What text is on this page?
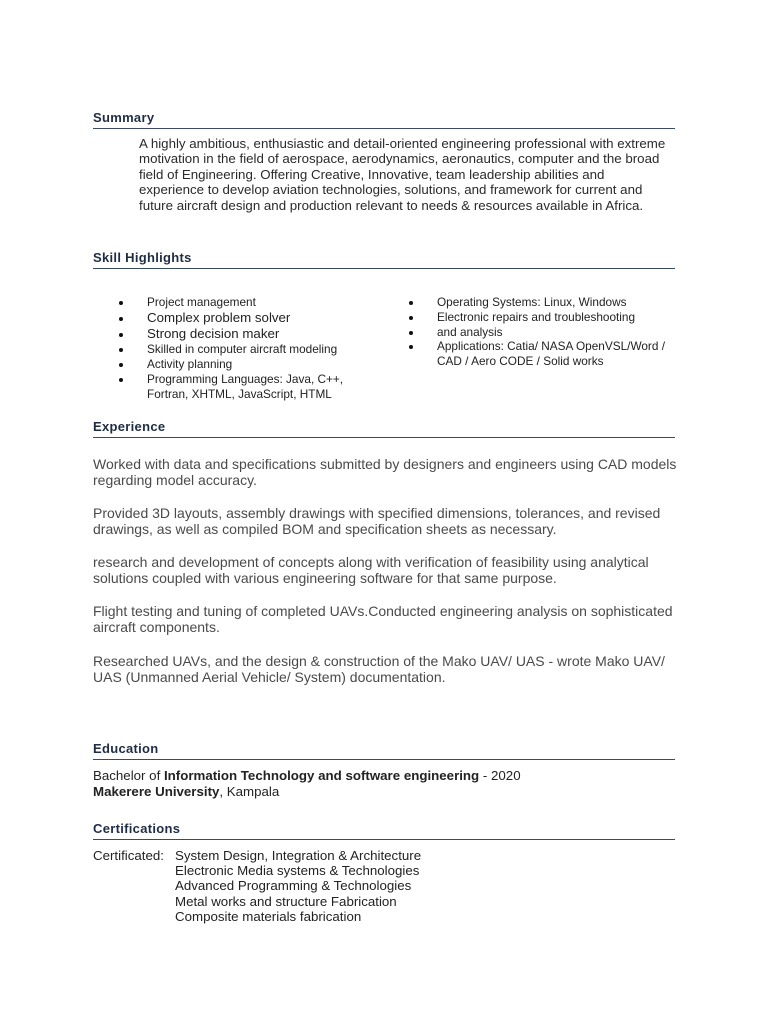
Summary
A highly ambitious, enthusiastic and detail-oriented engineering professional with extreme motivation in the field of aerospace, aerodynamics, aeronautics, computer and the broad field of Engineering. Offering Creative, Innovative, team leadership abilities and experience to develop aviation technologies, solutions, and framework for current and future aircraft design and production relevant to needs & resources available in Africa.
Skill Highlights
Project management
Complex problem solver
Strong decision maker
Skilled in computer aircraft modeling
Activity planning
Programming Languages: Java, C++, Fortran, XHTML, JavaScript, HTML
Operating Systems: Linux, Windows
Electronic repairs and troubleshooting
and analysis
Applications: Catia/ NASA OpenVSL/Word / CAD / Aero CODE / Solid works
Experience
Worked with data and specifications submitted by designers and engineers using CAD models regarding model accuracy.
Provided 3D layouts, assembly drawings with specified dimensions, tolerances, and revised drawings, as well as compiled BOM and specification sheets as necessary.
research and development of concepts along with verification of feasibility using analytical solutions coupled with various engineering software for that same purpose.
Flight testing and tuning of completed UAVs.Conducted engineering analysis on sophisticated aircraft components.
Researched UAVs, and the design & construction of the Mako UAV/ UAS - wrote Mako UAV/ UAS (Unmanned Aerial Vehicle/ System) documentation.
Education
Bachelor of Information Technology and software engineering - 2020
Makerere University, Kampala
Certifications
Certificated: System Design, Integration & Architecture
Electronic Media systems & Technologies
Advanced Programming & Technologies
Metal works and structure Fabrication
Composite materials fabrication
